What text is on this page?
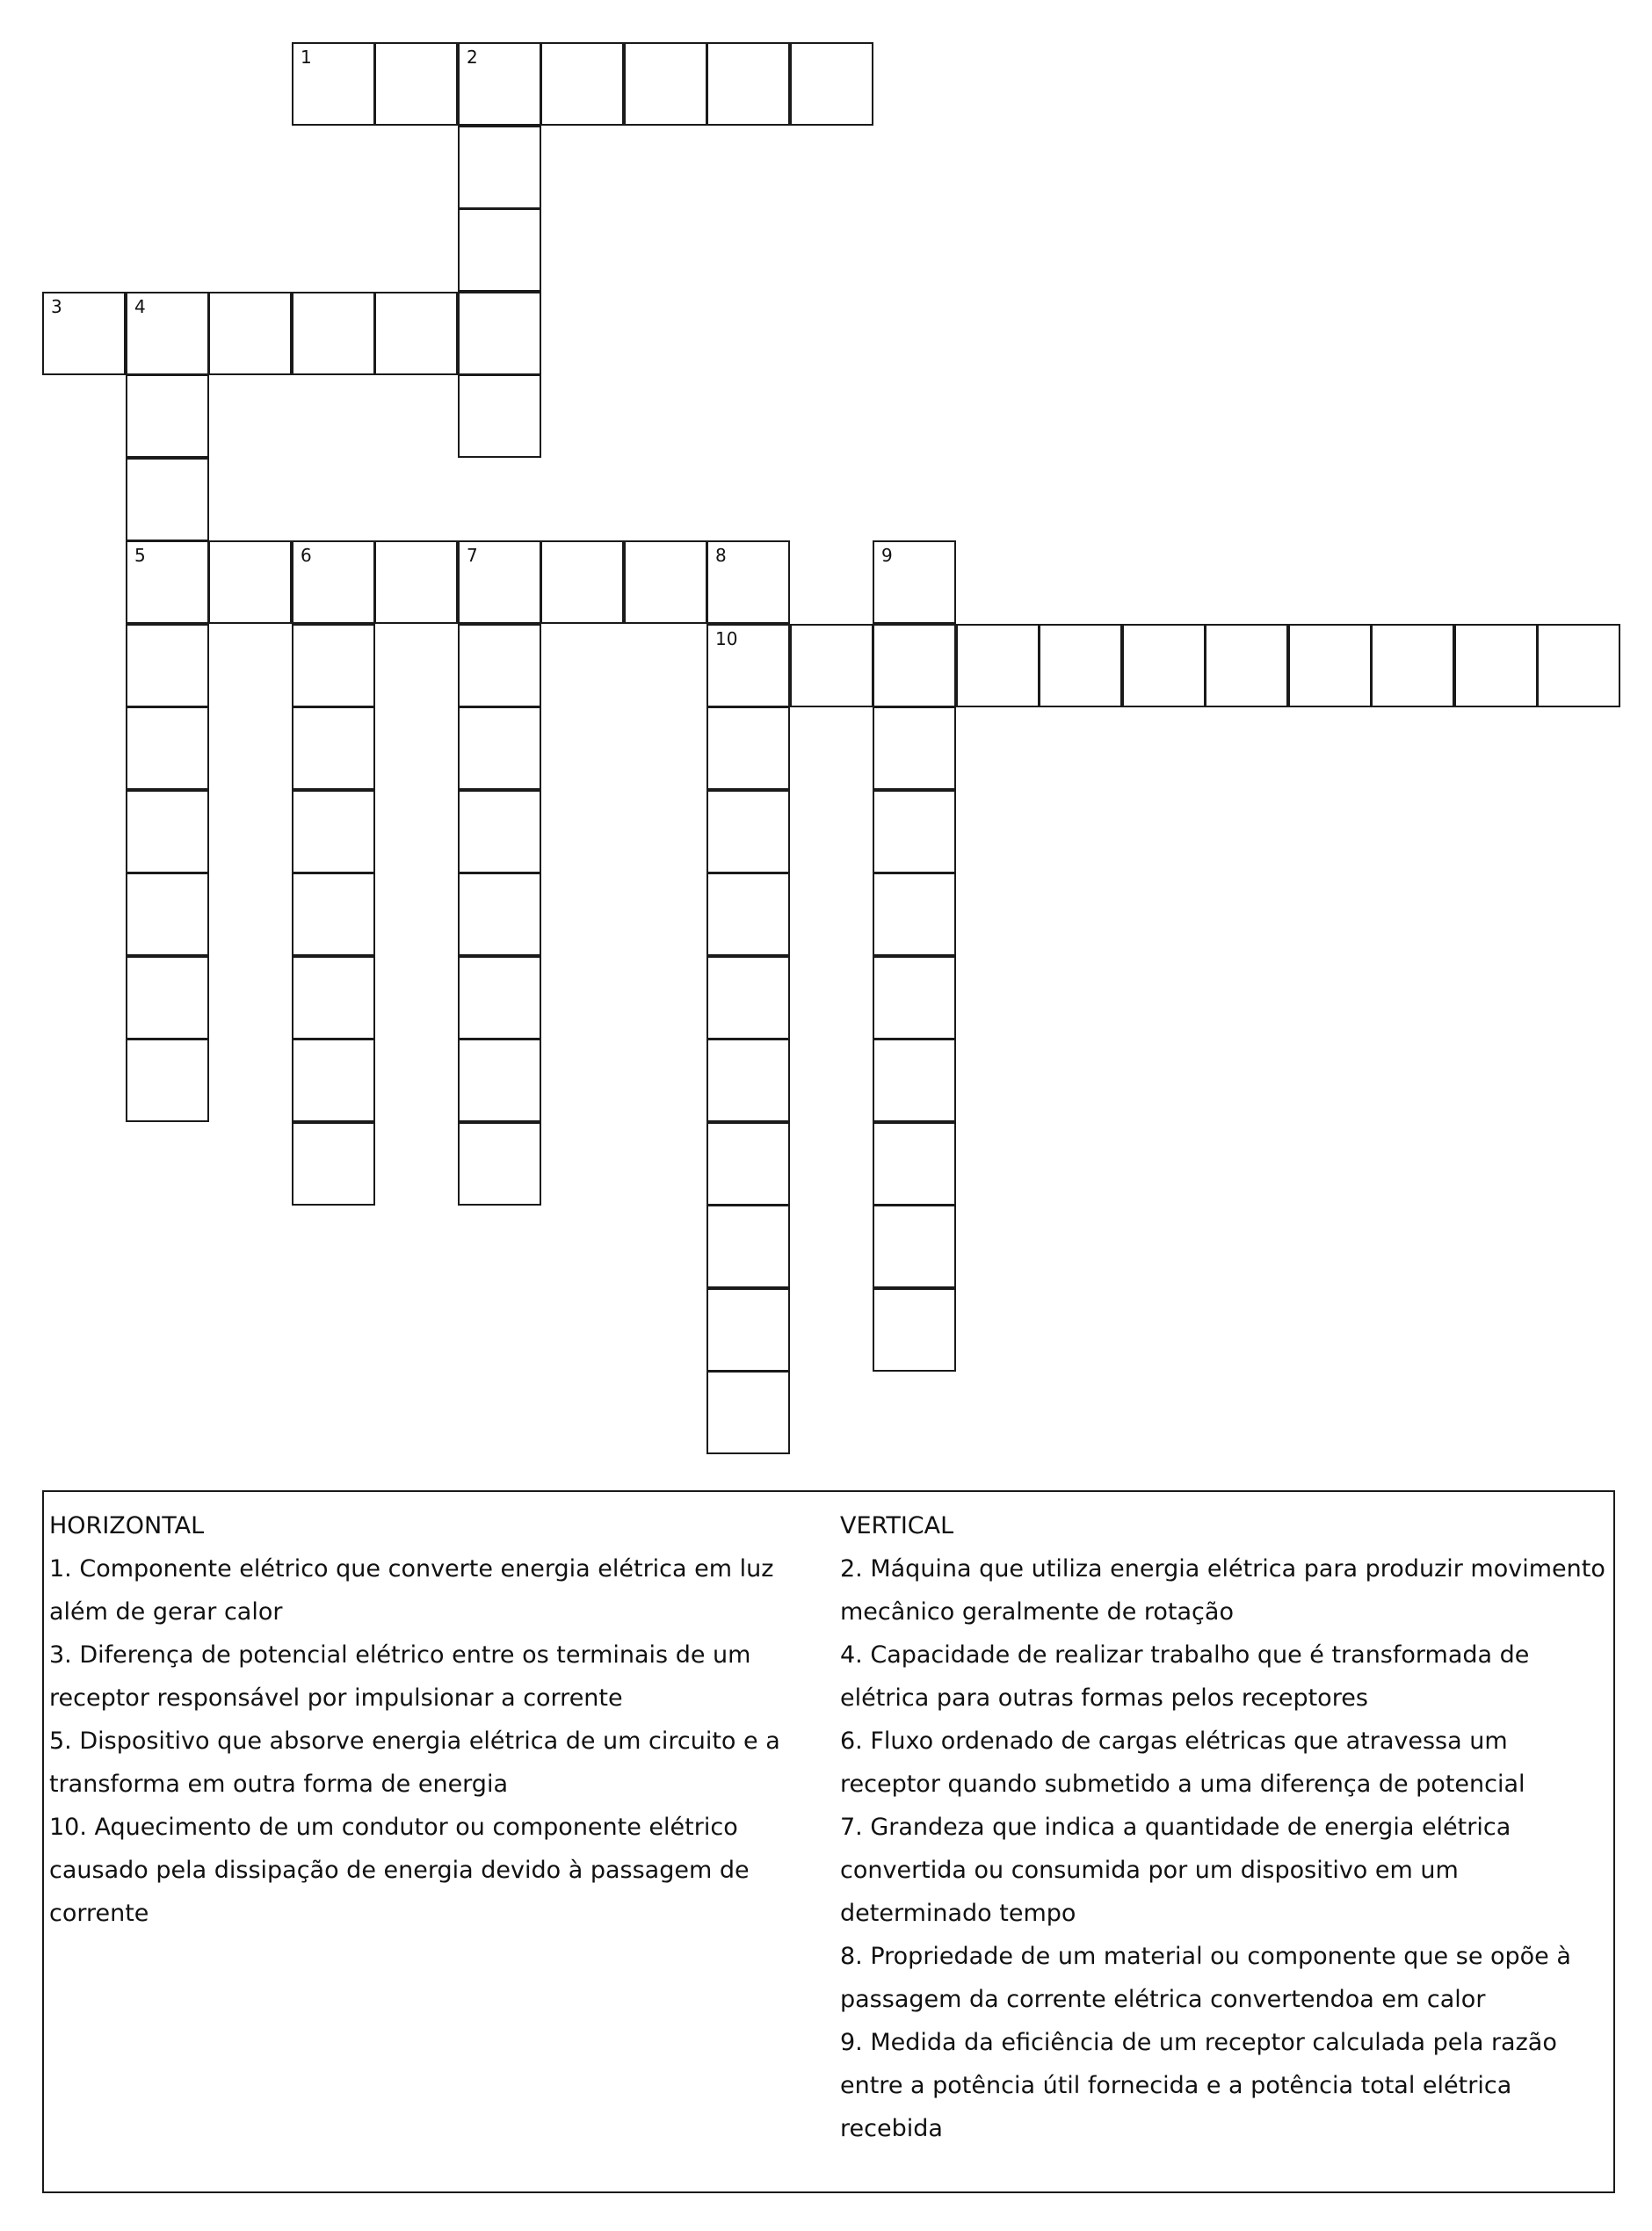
1	2
3	4
5	6	7	8
10
9
HORIZONTAL
1. Componente elétrico que converte energia elétrica em luz além de gerar calor
3. Diferença de potencial elétrico entre os terminais de um receptor responsável por impulsionar a corrente
5. Dispositivo que absorve energia elétrica de um circuito e a transforma em outra forma de energia
10. Aquecimento de um condutor ou componente elétrico causado pela dissipação de energia devido à passagem de corrente
VERTICAL
2. Máquina que utiliza energia elétrica para produzir movimento mecânico geralmente de rotação
4. Capacidade de realizar trabalho que é transformada de elétrica para outras formas pelos receptores
6. Fluxo ordenado de cargas elétricas que atravessa um receptor quando submetido a uma diferença de potencial
7. Grandeza que indica a quantidade de energia elétrica convertida ou consumida por um dispositivo em um determinado tempo
8. Propriedade de um material ou componente que se opõe à passagem da corrente elétrica convertendoa em calor
9. Medida da eficiência de um receptor calculada pela razão entre a potência útil fornecida e a potência total elétrica recebida
